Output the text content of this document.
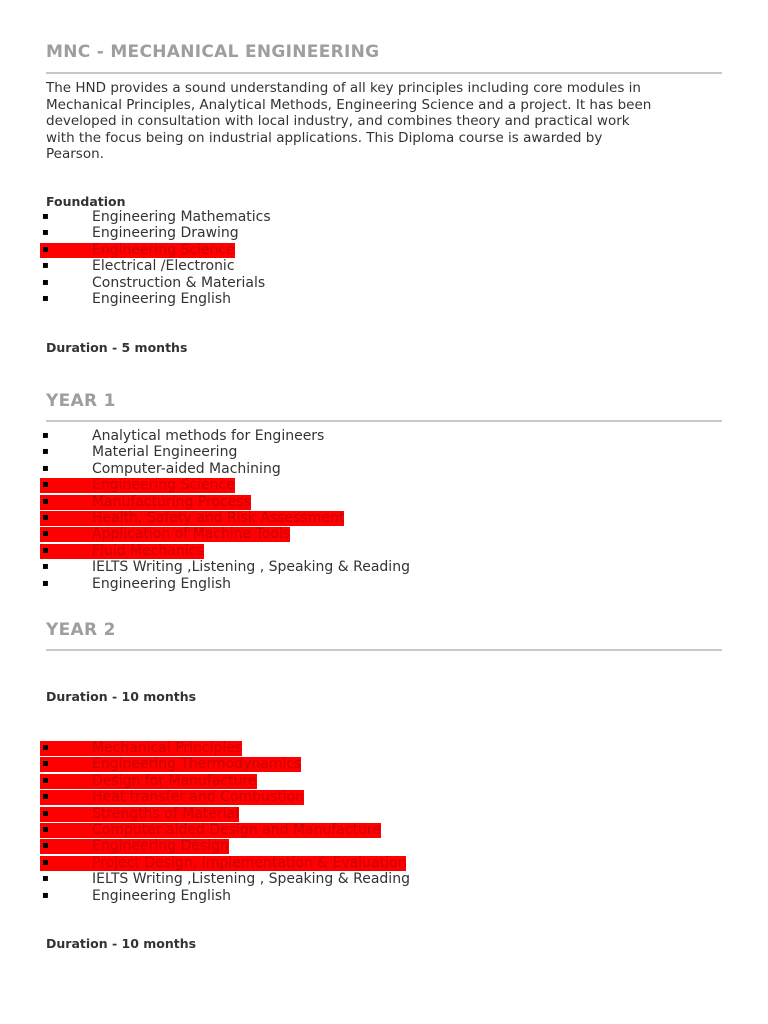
MNC - MECHANICAL ENGINEERING
The HND provides a sound understanding of all key principles including core modules in
Mechanical Principles, Analytical Methods, Engineering Science and a project. It has been
developed in consultation with local industry, and combines theory and practical work
with the focus being on industrial applications. This Diploma course is awarded by
Pearson.
Foundation
▪	Engineering Mathematics
▪	Engineering Drawing
▪	Engineering Science
▪	Electrical /Electronic
▪	Construction & Materials
▪	Engineering English
Duration - 5 months
YEAR 1
▪	Analytical methods for Engineers
▪	Material Engineering
▪	Computer-aided Machining
▪	Engineering Science
▪	Manufacturing Process
▪	Health, Safety and Risk Assessment
▪	Application of Machine Tools
▪	Fluid Mechanics
▪	IELTS Writing ,Listening , Speaking & Reading
▪	Engineering English
YEAR 2
Duration - 10 months
▪	Mechanical Principles
▪	Engineering Thermodynamics
▪	Design for Manufacture
▪	Heat transfer and Combustion
▪	Strengths of Material
▪	Computer aided Design and Manufacture
▪	Engineering Design
▪	Project Design, Implementation & Evaluation
▪	IELTS Writing ,Listening , Speaking & Reading
▪	Engineering English
Duration - 10 months
